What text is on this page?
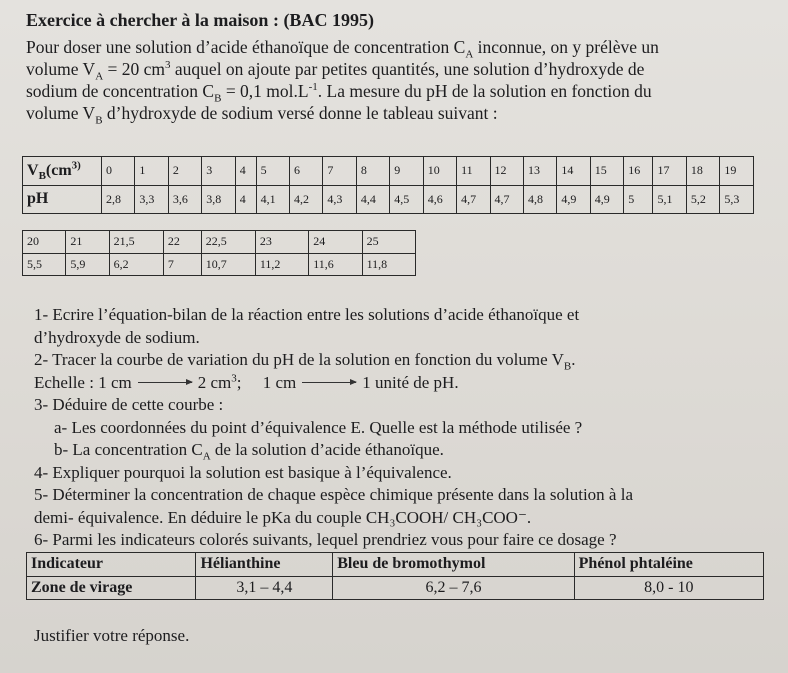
Exercice à chercher à la maison : (BAC 1995)
Pour doser une solution d’acide éthanoïque de concentration $C_A$ inconnue, on y prélève un
volume $V_A = 20$ $cm^3$ auquel on ajoute par petites quantités, une solution d’hydroxyde de
sodium de concentration $C_B = 0,1$ $mol.L^{-1}$. La mesure du pH de la solution en fonction du
volume $V_B$ d’hydroxyde de sodium versé donne le tableau suivant :
$V_B(cm^{3)}$	0	1	2	3	4	5	6	7	8	9	10	11	12	13	14	15	16	17	18	19
pH	2,8	3,3	3,6	3,8	4	4,1	4,2	4,3	4,4	4,5	4,6	4,7	4,7	4,8	4,9	4,9	5	5,1	5,2	5,3
20	21	21,5	22	22,5	23	24	25
5,5	5,9	6,2	7	10,7	11,2	11,6	11,8

1- Ecrire l’équation-bilan de la réaction entre les solutions d’acide éthanoïque et

d’hydroxyde de sodium.

2- Tracer la courbe de variation du pH de la solution en fonction du volume $V_B$.

Echelle : 1 cm	2 $cm^3$; 1 cm	1 unité de pH.

3- Déduire de cette courbe :

a- Les coordonnées du point d’équivalence E. Quelle est la méthode utilisée ?

b- La concentration $C_A$ de la solution d’acide éthanoïque.

4- Expliquer pourquoi la solution est basique à l’équivalence.

5- Déterminer la concentration de chaque espèce chimique présente dans la solution à la

demi- équivalence. En déduire le pKa du couple CH₃COOH/ CH₃COO⁻.

6- Parmi les indicateurs colorés suivants, lequel prendriez vous pour faire ce dosage ?

Indicateur	Hélianthine	Bleu de bromothymol	Phénol phtaléine
Zone de virage	3,1 – 4,4	6,2 – 7,6	8,0 - 10
Justifier votre réponse.
